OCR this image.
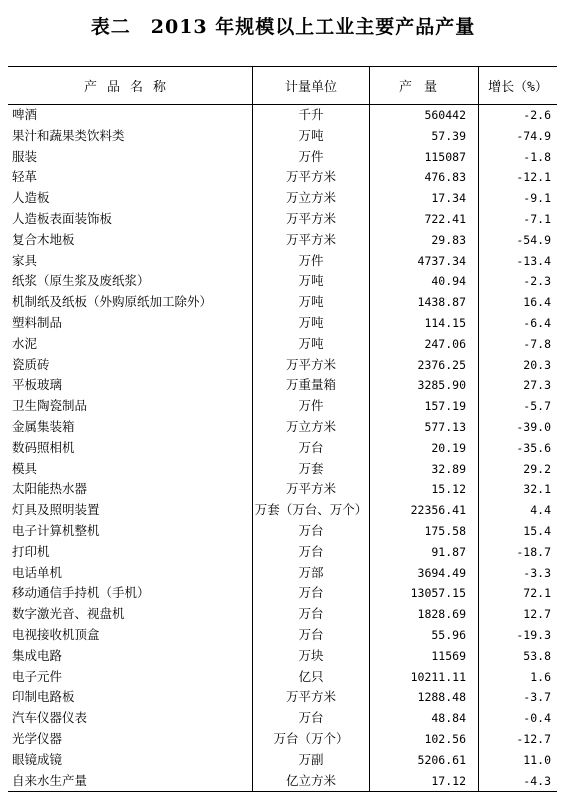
表二　2013 年规模以上工业主要产品产量
产品名称	计量单位	产量	增长（%）
啤酒	千升	560442	-2.6
果汁和蔬果类饮料类	万吨	57.39	-74.9
服装	万件	115087	-1.8
轻革	万平方米	476.83	-12.1
人造板	万立方米	17.34	-9.1
人造板表面装饰板	万平方米	722.41	-7.1
复合木地板	万平方米	29.83	-54.9
家具	万件	4737.34	-13.4
纸浆（原生浆及废纸浆）	万吨	40.94	-2.3
机制纸及纸板（外购原纸加工除外）	万吨	1438.87	16.4
塑料制品	万吨	114.15	-6.4
水泥	万吨	247.06	-7.8
瓷质砖	万平方米	2376.25	20.3
平板玻璃	万重量箱	3285.90	27.3
卫生陶瓷制品	万件	157.19	-5.7
金属集装箱	万立方米	577.13	-39.0
数码照相机	万台	20.19	-35.6
模具	万套	32.89	29.2
太阳能热水器	万平方米	15.12	32.1
灯具及照明装置	万套（万台、万个）	22356.41	4.4
电子计算机整机	万台	175.58	15.4
打印机	万台	91.87	-18.7
电话单机	万部	3694.49	-3.3
移动通信手持机（手机）	万台	13057.15	72.1
数字激光音、视盘机	万台	1828.69	12.7
电视接收机顶盒	万台	55.96	-19.3
集成电路	万块	11569	53.8
电子元件	亿只	10211.11	1.6
印制电路板	万平方米	1288.48	-3.7
汽车仪器仪表	万台	48.84	-0.4
光学仪器	万台（万个）	102.56	-12.7
眼镜成镜	万副	5206.61	11.0
自来水生产量	亿立方米	17.12	-4.3
